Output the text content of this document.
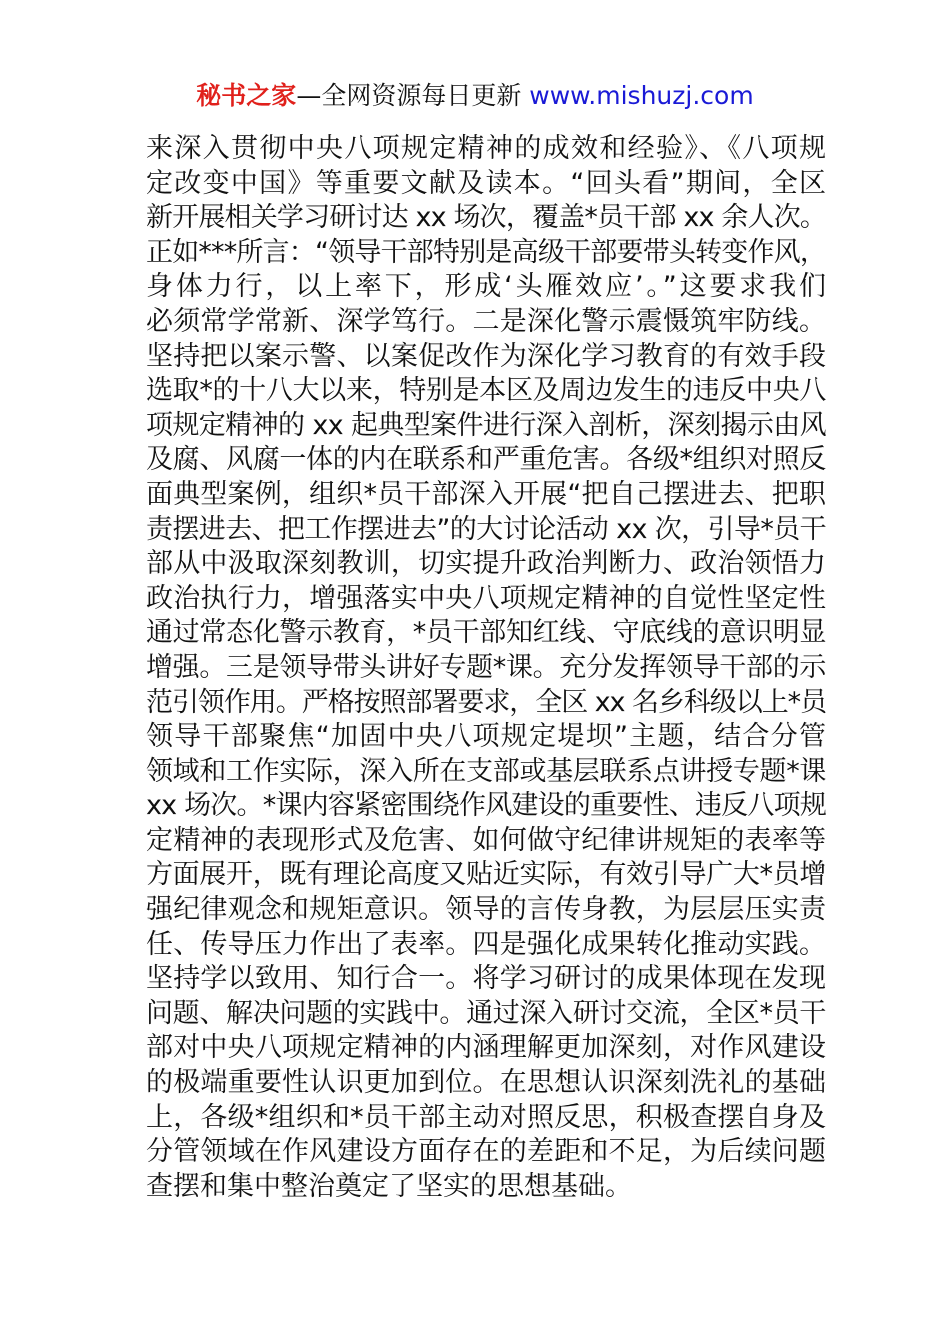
秘书之家—全网资源每日更新 www.mishuzj.com
来深入贯彻中央八项规定精神的成效和经验》、《八项规
定改变中国》等重要文献及读本。“回头看”期间，全区
新开展相关学习研讨达 xx 场次，覆盖*员干部 xx 余人次。
正如***所言：“领导干部特别是高级干部要带头转变作风，
身体力行，以上率下，形成‘头雁效应’。”这要求我们
必须常学常新、深学笃行。二是深化警示震慑筑牢防线。
坚持把以案示警、以案促改作为深化学习教育的有效手段
选取*的十八大以来，特别是本区及周边发生的违反中央八
项规定精神的 xx 起典型案件进行深入剖析，深刻揭示由风
及腐、风腐一体的内在联系和严重危害。各级*组织对照反
面典型案例，组织*员干部深入开展“把自己摆进去、把职
责摆进去、把工作摆进去”的大讨论活动 xx 次，引导*员干
部从中汲取深刻教训，切实提升政治判断力、政治领悟力
政治执行力，增强落实中央八项规定精神的自觉性坚定性
通过常态化警示教育，*员干部知红线、守底线的意识明显
增强。三是领导带头讲好专题*课。充分发挥领导干部的示
范引领作用。严格按照部署要求，全区 xx 名乡科级以上*员
领导干部聚焦“加固中央八项规定堤坝”主题，结合分管
领域和工作实际，深入所在支部或基层联系点讲授专题*课
xx 场次。*课内容紧密围绕作风建设的重要性、违反八项规
定精神的表现形式及危害、如何做守纪律讲规矩的表率等
方面展开，既有理论高度又贴近实际，有效引导广大*员增
强纪律观念和规矩意识。领导的言传身教，为层层压实责
任、传导压力作出了表率。四是强化成果转化推动实践。
坚持学以致用、知行合一。将学习研讨的成果体现在发现
问题、解决问题的实践中。通过深入研讨交流，全区*员干
部对中央八项规定精神的内涵理解更加深刻，对作风建设
的极端重要性认识更加到位。在思想认识深刻洗礼的基础
上，各级*组织和*员干部主动对照反思，积极查摆自身及
分管领域在作风建设方面存在的差距和不足，为后续问题
查摆和集中整治奠定了坚实的思想基础。
